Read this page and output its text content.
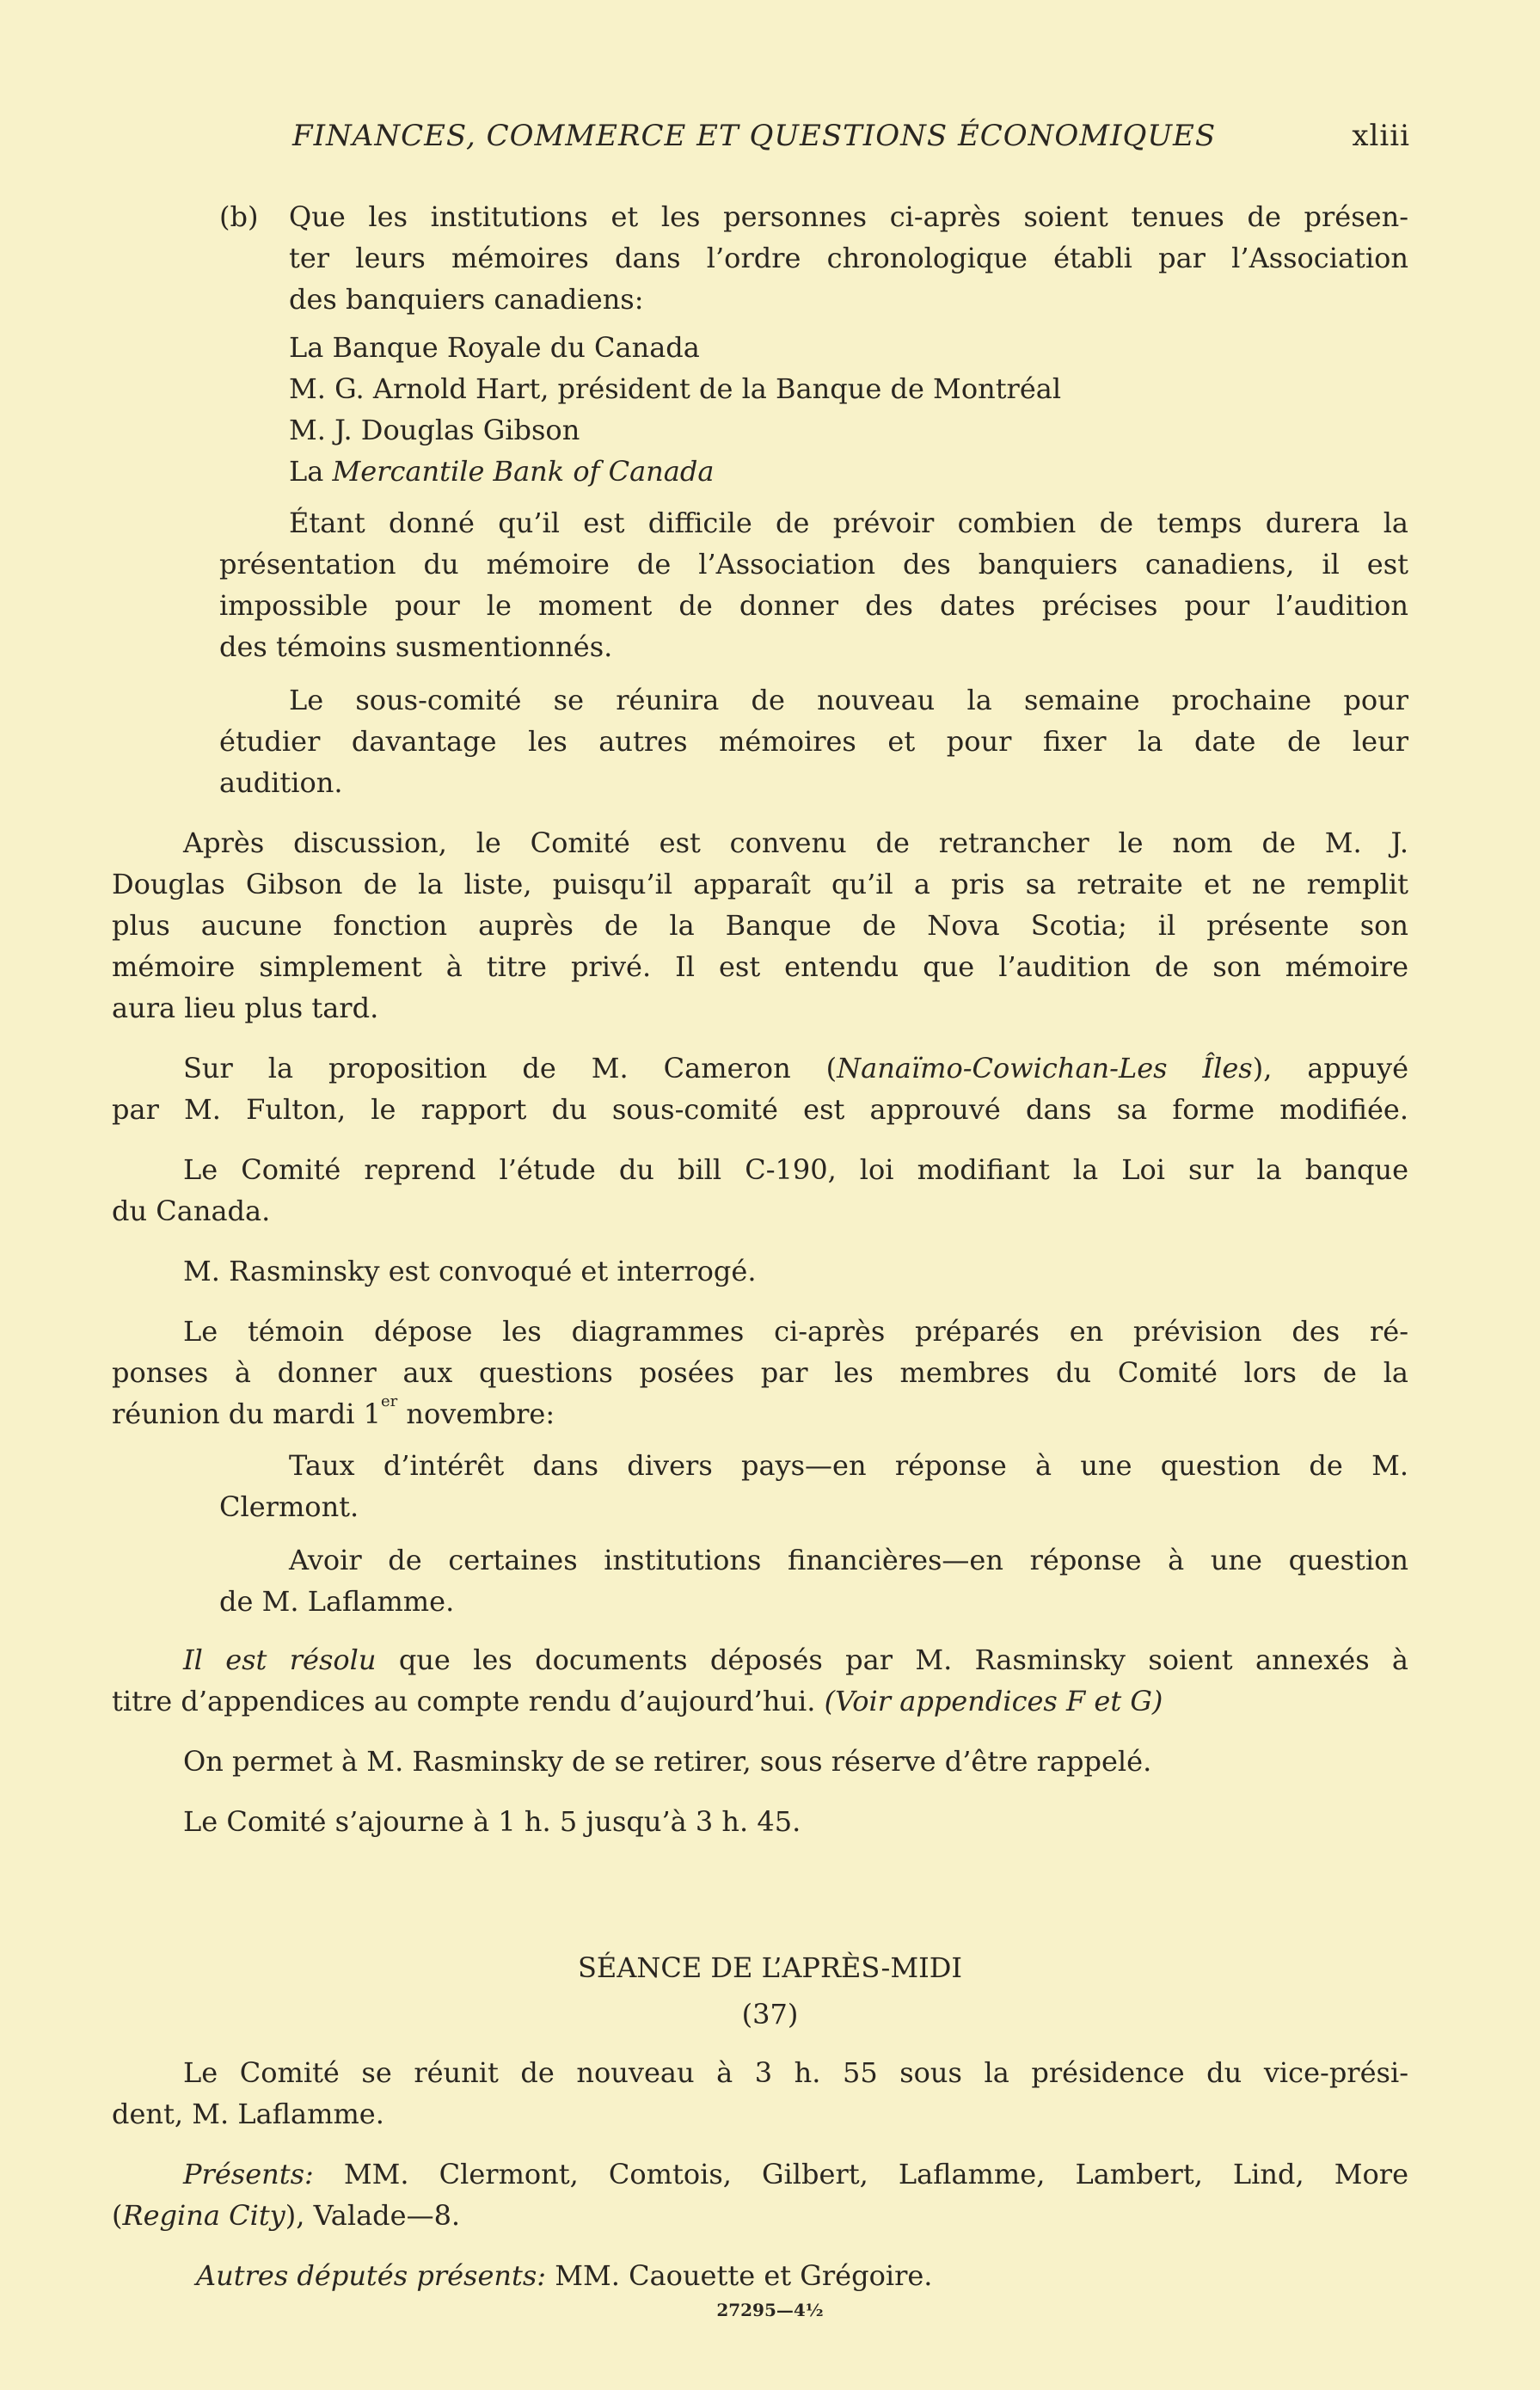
FINANCES, COMMERCE ET QUESTIONS ÉCONOMIQUES	xliii
(b) Que les institutions et les personnes ci-après soient tenues de présen-
ter leurs mémoires dans l’ordre chronologique établi par l’Association
des banquiers canadiens:
La Banque Royale du Canada
M. G. Arnold Hart, président de la Banque de Montréal
M. J. Douglas Gibson
La Mercantile Bank of Canada
Étant donné qu’il est difficile de prévoir combien de temps durera la
présentation du mémoire de l’Association des banquiers canadiens, il est
impossible pour le moment de donner des dates précises pour l’audition
des témoins susmentionnés.
Le sous-comité se réunira de nouveau la semaine prochaine pour
étudier davantage les autres mémoires et pour fixer la date de leur
audition.
Après discussion, le Comité est convenu de retrancher le nom de M. J.
Douglas Gibson de la liste, puisqu’il apparaît qu’il a pris sa retraite et ne remplit
plus aucune fonction auprès de la Banque de Nova Scotia; il présente son
mémoire simplement à titre privé. Il est entendu que l’audition de son mémoire
aura lieu plus tard.
Sur la proposition de M. Cameron (Nanaïmo-Cowichan-Les Îles), appuyé
par M. Fulton, le rapport du sous-comité est approuvé dans sa forme modifiée.
Le Comité reprend l’étude du bill C-190, loi modifiant la Loi sur la banque
du Canada.
M. Rasminsky est convoqué et interrogé.
Le témoin dépose les diagrammes ci-après préparés en prévision des ré-
ponses à donner aux questions posées par les membres du Comité lors de la
réunion du mardi 1er novembre:
Taux d’intérêt dans divers pays—en réponse à une question de M.
Clermont.
Avoir de certaines institutions financières—en réponse à une question
de M. Laflamme.
Il est résolu que les documents déposés par M. Rasminsky soient annexés à
titre d’appendices au compte rendu d’aujourd’hui. (Voir appendices F et G)
On permet à M. Rasminsky de se retirer, sous réserve d’être rappelé.
Le Comité s’ajourne à 1 h. 5 jusqu’à 3 h. 45.
SÉANCE DE L’APRÈS-MIDI
(37)
Le Comité se réunit de nouveau à 3 h. 55 sous la présidence du vice-prési-
dent, M. Laflamme.
Présents: MM. Clermont, Comtois, Gilbert, Laflamme, Lambert, Lind, More
(Regina City), Valade—8.
Autres députés présents: MM. Caouette et Grégoire.
27295—4½
